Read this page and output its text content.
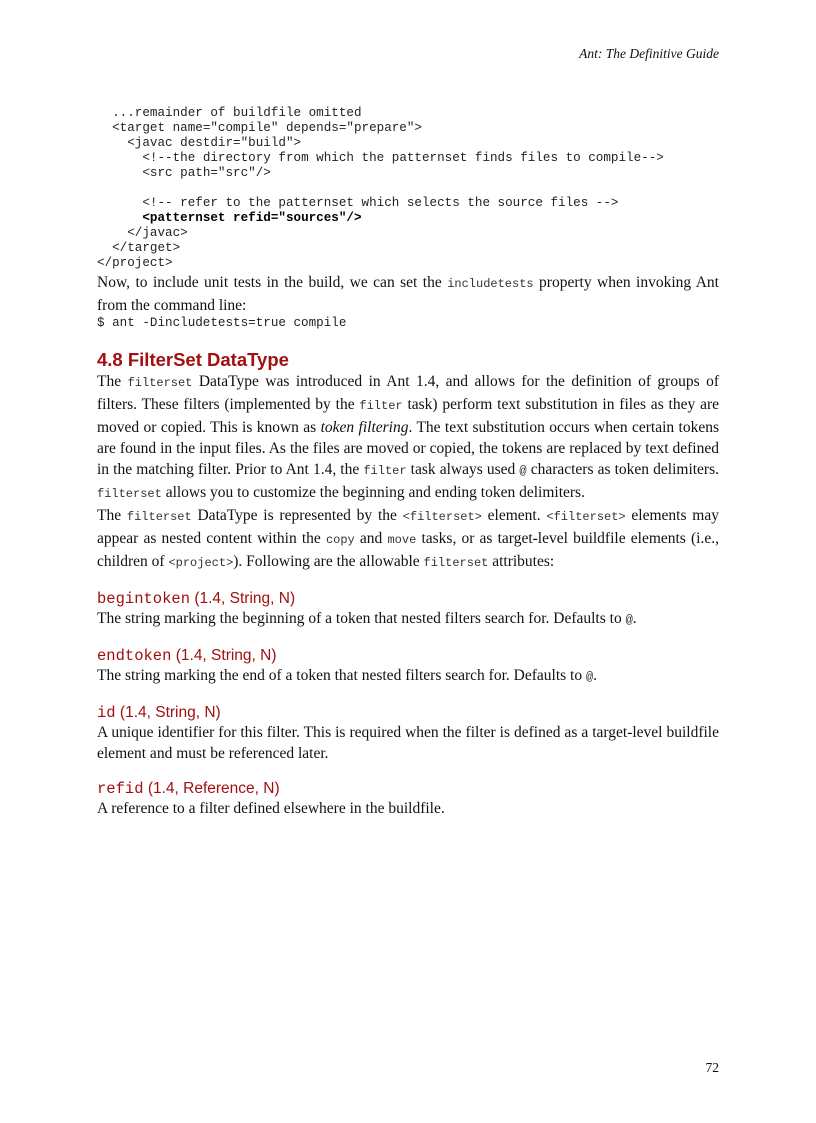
Ant: The Definitive Guide
...remainder of buildfile omitted

<target name="compile" depends="prepare">
<javac destdir="build">
<!--the directory from which the patternset finds files to compile-->
<src path="src"/>

<!-- refer to the patternset which selects the source files -->
<patternset refid="sources"/>
</javac>
</target>
</project>

Now, to include unit tests in the build, we can set the includetests property when invoking Ant from the command line:

$ ant -Dincludetests=true compile
4.8 FilterSet DataType

The filterset DataType was introduced in Ant 1.4, and allows for the definition of groups of filters. These filters (implemented by the filter task) perform text substitution in files as they are moved or copied. This is known as token filtering. The text substitution occurs when certain tokens are found in the input files. As the files are moved or copied, the tokens are replaced by text defined in the matching filter. Prior to Ant 1.4, the filter task always used @ characters as token delimiters. filterset allows you to customize the beginning and ending token delimiters.

The filterset DataType is represented by the <filterset> element. <filterset> elements may appear as nested content within the copy and move tasks, or as target-level buildfile elements (i.e., children of <project>). Following are the allowable filterset attributes:

begintoken (1.4, String, N)

The string marking the beginning of a token that nested filters search for. Defaults to @.

endtoken (1.4, String, N)

The string marking the end of a token that nested filters search for. Defaults to @.

id (1.4, String, N)

A unique identifier for this filter. This is required when the filter is defined as a target-level buildfile element and must be referenced later.

refid (1.4, Reference, N)

A reference to a filter defined elsewhere in the buildfile.

72
